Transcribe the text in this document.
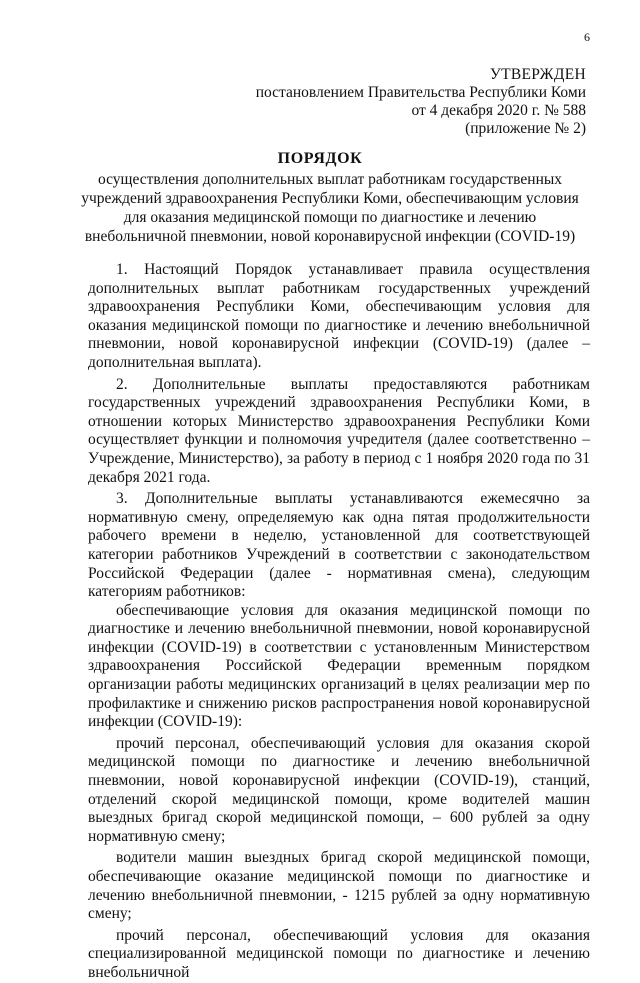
6
УТВЕРЖДЕН
постановлением Правительства Республики Коми
от 4 декабря 2020 г. № 588
(приложение № 2)
ПОРЯДОК
осуществления дополнительных выплат работникам государственных учреждений здравоохранения Республики Коми, обеспечивающим условия для оказания медицинской помощи по диагностике и лечению внебольничной пневмонии, новой коронавирусной инфекции (COVID-19)

1. Настоящий Порядок устанавливает правила осуществления дополнительных выплат работникам государственных учреждений здравоохранения Республики Коми, обеспечивающим условия для оказания медицинской помощи по диагностике и лечению внебольничной пневмонии, новой коронавирусной инфекции (COVID-19) (далее – дополнительная выплата).

2. Дополнительные выплаты предоставляются работникам государственных учреждений здравоохранения Республики Коми, в отношении которых Министерство здравоохранения Республики Коми осуществляет функции и полномочия учредителя (далее соответственно – Учреждение, Министерство), за работу в период с 1 ноября 2020 года по 31 декабря 2021 года.

3. Дополнительные выплаты устанавливаются ежемесячно за нормативную смену, определяемую как одна пятая продолжительности рабочего времени в неделю, установленной для соответствующей категории работников Учреждений в соответствии с законодательством Российской Федерации (далее - нормативная смена), следующим категориям работников:

обеспечивающие условия для оказания медицинской помощи по диагностике и лечению внебольничной пневмонии, новой коронавирусной инфекции (COVID-19) в соответствии с установленным Министерством здравоохранения Российской Федерации временным порядком организации работы медицинских организаций в целях реализации мер по профилактике и снижению рисков распространения новой коронавирусной инфекции (COVID-19):

прочий персонал, обеспечивающий условия для оказания скорой медицинской помощи по диагностике и лечению внебольничной пневмонии, новой коронавирусной инфекции (COVID-19), станций, отделений скорой медицинской помощи, кроме водителей машин выездных бригад скорой медицинской помощи, – 600 рублей за одну нормативную смену;

водители машин выездных бригад скорой медицинской помощи, обеспечивающие оказание медицинской помощи по диагностике и лечению внебольничной пневмонии, - 1215 рублей за одну нормативную смену;

прочий персонал, обеспечивающий условия для оказания специализированной медицинской помощи по диагностике и лечению внебольничной
